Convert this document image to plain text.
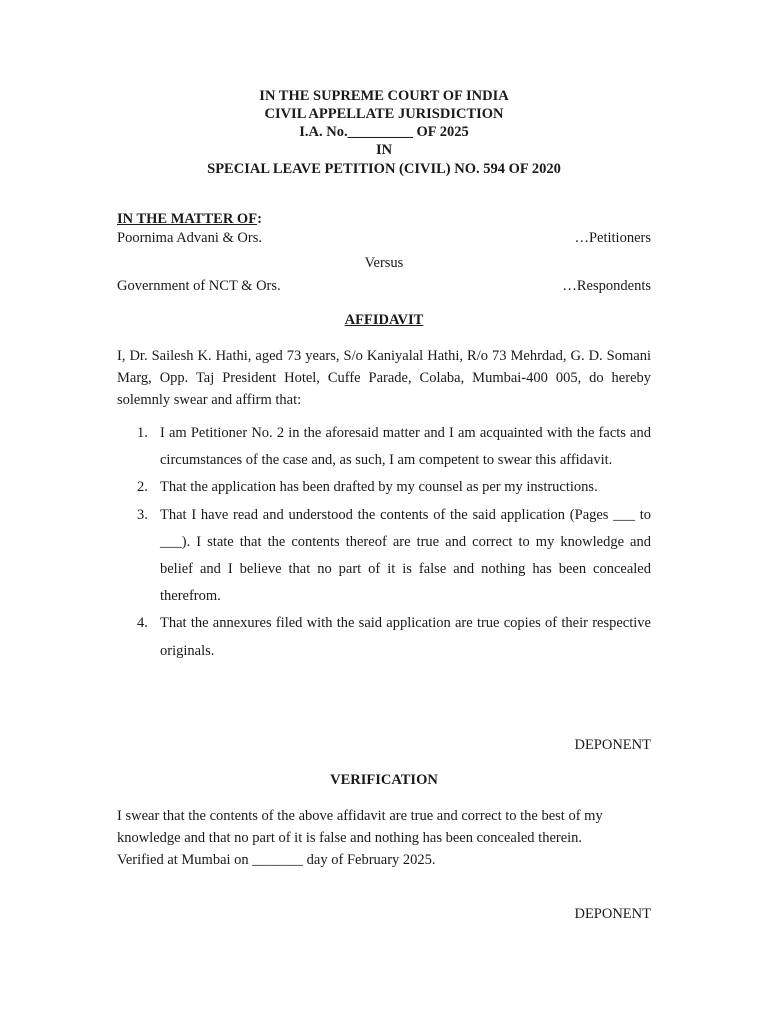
IN THE SUPREME COURT OF INDIA
CIVIL APPELLATE JURISDICTION
I.A. No._________ OF 2025
IN
SPECIAL LEAVE PETITION (CIVIL) NO. 594 OF 2020
IN THE MATTER OF:
Poornima Advani & Ors.	…Petitioners
Versus
Government of NCT & Ors.	…Respondents
AFFIDAVIT
I, Dr. Sailesh K. Hathi, aged 73 years, S/o Kaniyalal Hathi, R/o 73 Mehrdad, G. D. Somani Marg, Opp. Taj President Hotel, Cuffe Parade, Colaba, Mumbai-400 005, do hereby solemnly swear and affirm that:
1. I am Petitioner No. 2 in the aforesaid matter and I am acquainted with the facts and circumstances of the case and, as such, I am competent to swear this affidavit.
2. That the application has been drafted by my counsel as per my instructions.
3. That I have read and understood the contents of the said application (Pages ___ to ___). I state that the contents thereof are true and correct to my knowledge and belief and I believe that no part of it is false and nothing has been concealed therefrom.
4. That the annexures filed with the said application are true copies of their respective originals.
DEPONENT
VERIFICATION
I swear that the contents of the above affidavit are true and correct to the best of my
knowledge and that no part of it is false and nothing has been concealed therein.
Verified at Mumbai on _______ day of February 2025.
DEPONENT
